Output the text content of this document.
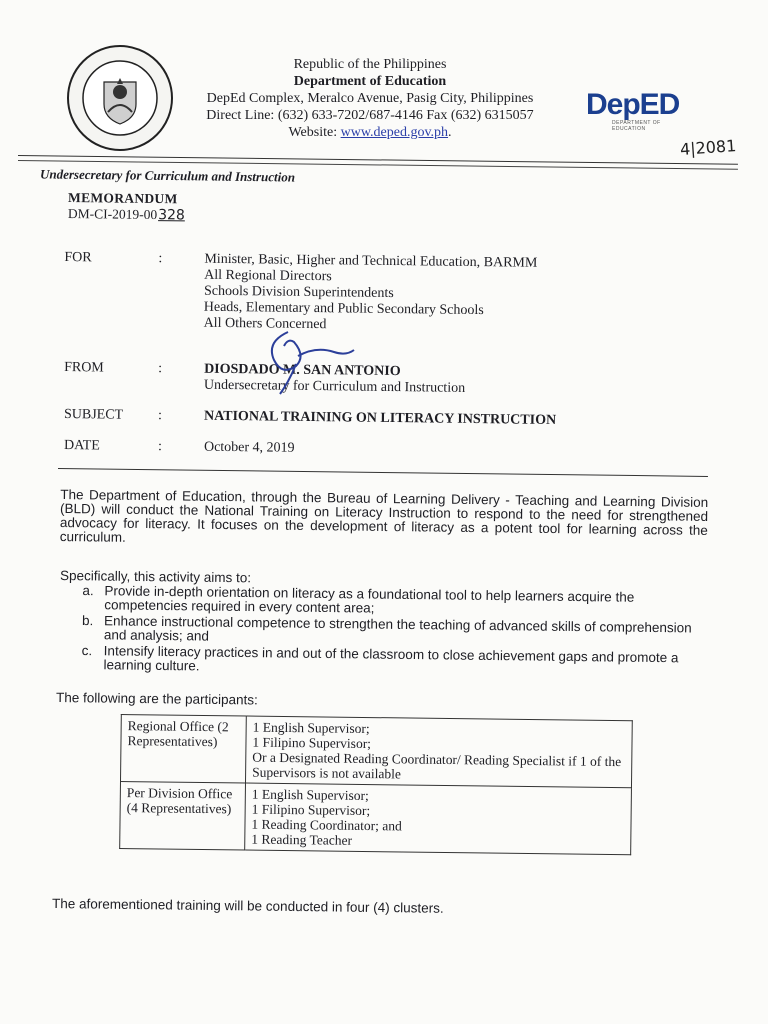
Republic of the Philippines
Department of Education
DepEd Complex, Meralco Avenue, Pasig City, Philippines
Direct Line: (632) 633-7202/687-4146 Fax (632) 6315057
Website: www.deped.gov.ph.
DepED
DEPARTMENT OF EDUCATION
4|2081
Undersecretary for Curriculum and Instruction
MEMORANDUM
DM-CI-2019-00328
FOR	:	Minister, Basic, Higher and Technical Education, BARMM
All Regional Directors
Schools Division Superintendents
Heads, Elementary and Public Secondary Schools
All Others Concerned
FROM	:	DIOSDADO M. SAN ANTONIO
Undersecretary for Curriculum and Instruction
SUBJECT :	NATIONAL TRAINING ON LITERACY INSTRUCTION
DATE	:	October 4, 2019
The Department of Education, through the Bureau of Learning Delivery - Teaching and Learning Division (BLD) will conduct the National Training on Literacy Instruction to respond to the need for strengthened advocacy for literacy. It focuses on the development of literacy as a potent tool for learning across the curriculum.
Specifically, this activity aims to:
a. Provide in-depth orientation on literacy as a foundational tool to help learners acquire the competencies required in every content area;
b. Enhance instructional competence to strengthen the teaching of advanced skills of comprehension and analysis; and
c. Intensify literacy practices in and out of the classroom to close achievement gaps and promote a learning culture.
The following are the participants:
Regional Office (2 Representatives)	1 English Supervisor;
1 Filipino Supervisor;
Or a Designated Reading Coordinator/ Reading Specialist if 1 of the Supervisors is not available

Per Division Office (4 Representatives)	1 English Supervisor;
1 Filipino Supervisor;
1 Reading Coordinator; and
1 Reading Teacher
The aforementioned training will be conducted in four (4) clusters.
